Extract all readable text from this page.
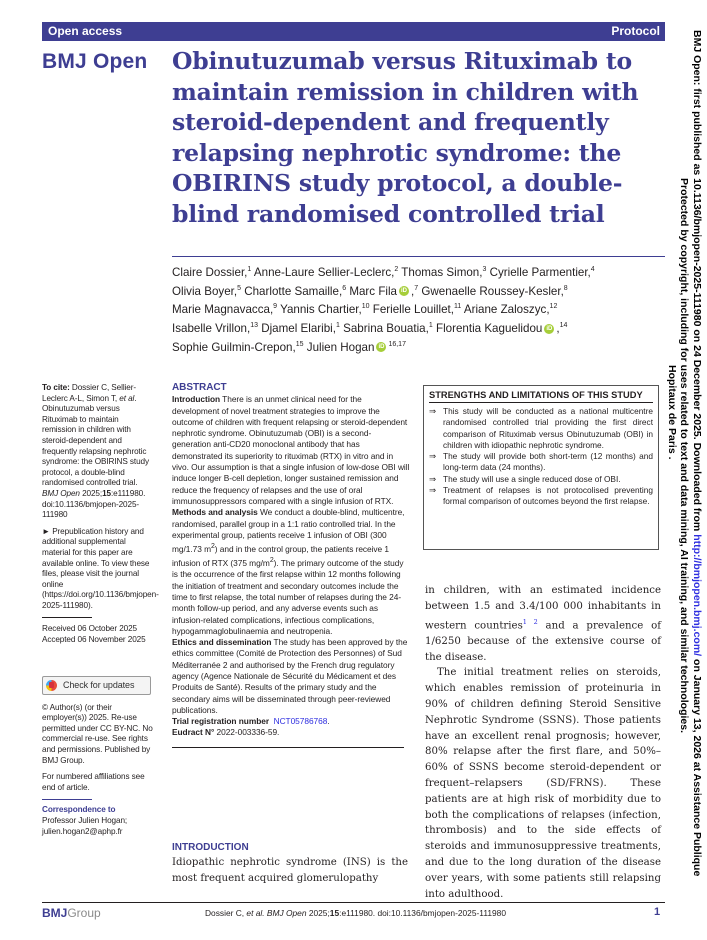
Open access	Protocol
BMJ Open Obinutuzumab versus Rituximab to maintain remission in children with steroid-dependent and frequently relapsing nephrotic syndrome: the OBIRINS study protocol, a double-blind randomised controlled trial
Claire Dossier,$^1$ Anne-Laure Sellier-Leclerc,$^2$ Thomas Simon,$^3$ Cyrielle Parmentier,$^4$
Olivia Boyer,$^5$ Charlotte Samaille,$^6$ Marc Fila iD ,$^7$ Gwenaelle Roussey-Kesler,$^8$
Marie Magnavacca,$^9$ Yannis Chartier,$^{10}$ Ferielle Louillet,$^{11}$ Ariane Zaloszyc,$^{12}$
Isabelle Vrillon,$^{13}$ Djamel Elaribi,$^1$ Sabrina Bouatia,$^1$ Florentia Kaguelidou iD ,$^{14}$
Sophie Guilmin-Crepon,$^{15}$ Julien Hogan iD $^{16,17}$

To cite: Dossier C, Sellier-Leclerc A-L, Simon T, et al. Obinutuzumab versus Rituximab to maintain remission in children with steroid-dependent and frequently relapsing nephrotic syndrome: the OBIRINS study protocol, a double-blind randomised controlled trial. BMJ Open 2025;15:e111980. doi:10.1136/bmjopen-2025-111980

► Prepublication history and additional supplemental material for this paper are available online. To view these files, please visit the journal online (https://doi.org/10.1136/bmjopen-2025-111980).

Received 06 October 2025
Accepted 06 November 2025
Check for updates

© Author(s) (or their employer(s)) 2025. Re-use permitted under CC BY-NC. No commercial re-use. See rights and permissions. Published by BMJ Group.

For numbered affiliations see end of article.

Correspondence to
Professor Julien Hogan;
julien.hogan2@aphp.fr
ABSTRACT

Introduction There is an unmet clinical need for the development of novel treatment strategies to improve the outcome of children with frequent relapsing or steroid-dependent nephrotic syndrome. Obinutuzumab (OBI) is a second-generation anti-CD20 monoclonal antibody that has demonstrated its superiority to rituximab (RTX) in vitro and in vivo. Our assumption is that a single infusion of low-dose OBI will induce longer B-cell depletion, longer sustained remission and reduce the frequency of relapses and the use of oral immunosuppressors compared with a single infusion of RTX.

Methods and analysis We conduct a double-blind, multicentre, randomised, parallel group in a 1:1 ratio controlled trial. In the experimental group, patients receive 1 infusion of OBI (300 mg/1.73 $m^2$) and in the control group, the patients receive 1 infusion of RTX (375 $mg/m^2$). The primary outcome of the study is the occurrence of the first relapse within 12 months following the initiation of treatment and secondary outcomes include the time to first relapse, the total number of relapses during the 24-month follow-up period, and any adverse events such as infusion-related complications, infectious complications, hypogammaglobulinaemia and neutropenia.

Ethics and dissemination The study has been approved by the ethics committee (Comité de Protection des Personnes) of Sud Méditerranée 2 and authorised by the French drug regulatory agency (Agence Nationale de Sécurité du Médicament et des Produits de Santé). Results of the primary study and the secondary aims will be disseminated through peer-reviewed publications.

Trial registration number NCT05786768.

Eudract N° 2022-003336-59.

INTRODUCTION
Idiopathic nephrotic syndrome (INS) is the most frequent acquired glomerulopathy
STRENGTHS AND LIMITATIONS OF THIS STUDY
⇒ This study will be conducted as a national multicentre randomised controlled trial providing the first direct comparison of Rituximab versus Obinutuzumab (OBI) in children with idiopathic nephrotic syndrome.
⇒ The study will provide both short-term (12 months) and long-term data (24 months).
⇒ The study will use a single reduced dose of OBI.
⇒ Treatment of relapses is not protocolised preventing formal comparison of outcomes beyond the first relapse.

in children, with an estimated incidence between 1.5 and 3.4/100 000 inhabitants in western countries$^{1 2}$ and a prevalence of 1/6250 because of the extensive course of the disease.

The initial treatment relies on steroids, which enables remission of proteinuria in 90% of children defining Steroid Sensitive Nephrotic Syndrome (SSNS). Those patients have an excellent renal prognosis; however, 80% relapse after the first flare, and 50%–60% of SSNS become steroid-dependent or frequent–relapsers (SD/FRNS). These patients are at high risk of morbidity due to both the complications of relapses (infection, thrombosis) and to the side effects of steroids and immunosuppressive treatments, and due to the long duration of the disease over years, with some patients still relapsing into adulthood.

BMJGroup	Dossier C, et al. BMJ Open 2025;15:e111980. doi:10.1136/bmjopen-2025-111980	1
BMJ Open: first published as 10.1136/bmjopen-2025-111980 on 24 December 2025. Downloaded from http://bmjopen.bmj.com/ on January 13, 2026 at Assistance Publique
Hopitaux de Paris . Protected by copyright, including for uses related to text and data mining, AI training, and similar technologies.
